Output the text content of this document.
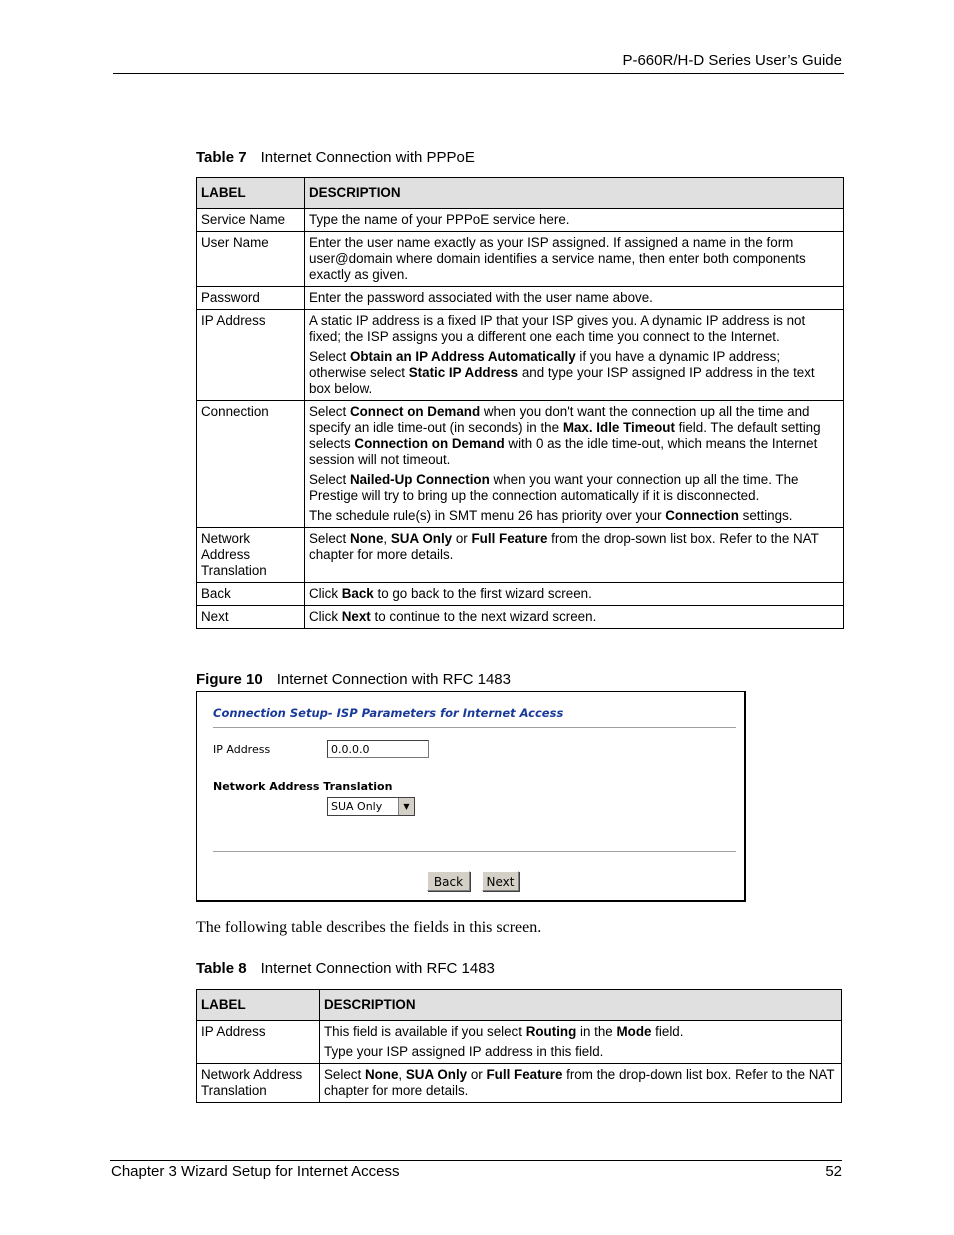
P-660R/H-D Series User’s Guide
Table 7 Internet Connection with PPPoE
LABEL	DESCRIPTION
Service Name	Type the name of your PPPoE service here.

User Name	Enter the user name exactly as your ISP assigned. If assigned a name in the form user@domain where domain identifies a service name, then enter both components exactly as given.

Password	Enter the password associated with the user name above.

IP Address	A static IP address is a fixed IP that your ISP gives you. A dynamic IP address is not fixed; the ISP assigns you a different one each time you connect to the Internet.

Select Obtain an IP Address Automatically if you have a dynamic IP address; otherwise select Static IP Address and type your ISP assigned IP address in the text box below.

Connection	Select Connect on Demand when you don't want the connection up all the time and specify an idle time-out (in seconds) in the Max. Idle Timeout field. The default setting selects Connection on Demand with 0 as the idle time-out, which means the Internet session will not timeout.

Select Nailed-Up Connection when you want your connection up all the time. The Prestige will try to bring up the connection automatically if it is disconnected.

The schedule rule(s) in SMT menu 26 has priority over your Connection settings.

Network Address Translation	Select None, SUA Only or Full Feature from the drop-sown list box. Refer to the NAT chapter for more details.

Back	Click Back to go back to the first wizard screen.

Next	Click Next to continue to the next wizard screen.

Figure 10 Internet Connection with RFC 1483
Connection Setup- ISP Parameters for Internet Access
IP Address	0.0.0.0
Network Address Translation
SUA Only	▼
Back	Next
The following table describes the fields in this screen.
Table 8 Internet Connection with RFC 1483
LABEL	DESCRIPTION
IP Address	This field is available if you select Routing in the Mode field.

Type your ISP assigned IP address in this field.

Network Address Translation	Select None, SUA Only or Full Feature from the drop-down list box. Refer to the NAT chapter for more details.

Chapter 3 Wizard Setup for Internet Access	52
